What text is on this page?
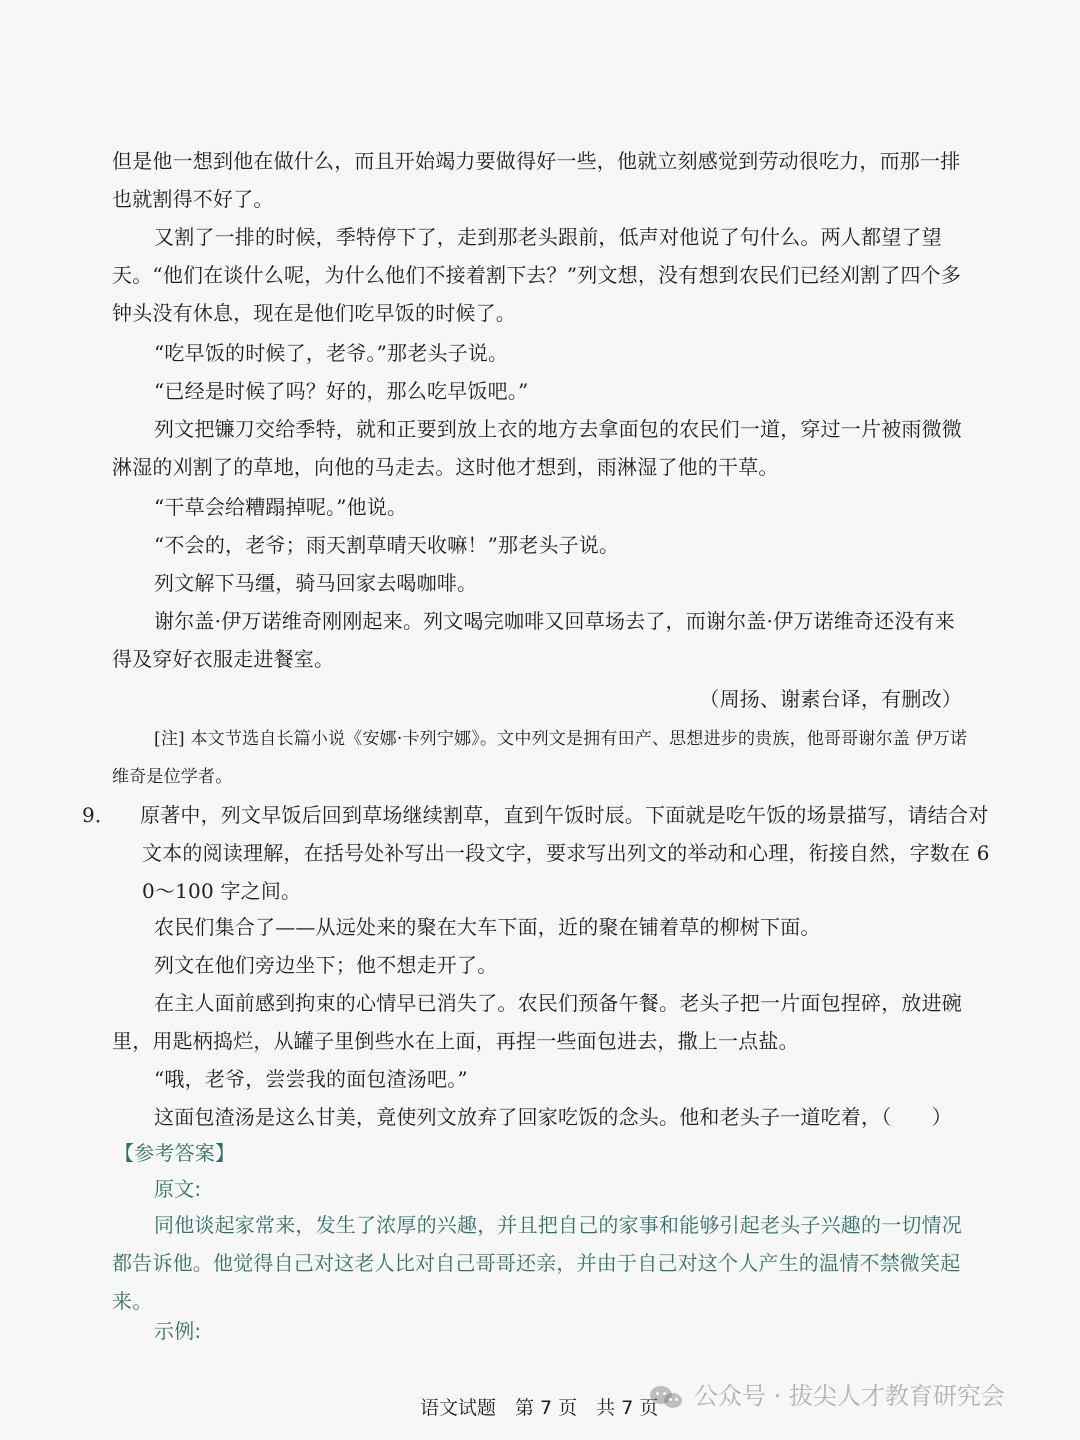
但是他一想到他在做什么，而且开始竭力要做得好一些，他就立刻感觉到劳动很吃力，而那一排也就割得不好了。

又割了一排的时候，季特停下了，走到那老头跟前，低声对他说了句什么。两人都望了望天。“他们在谈什么呢，为什么他们不接着割下去？”列文想，没有想到农民们已经刈割了四个多钟头没有休息，现在是他们吃早饭的时候了。

“吃早饭的时候了，老爷。”那老头子说。

“已经是时候了吗？好的，那么吃早饭吧。”

列文把镰刀交给季特，就和正要到放上衣的地方去拿面包的农民们一道，穿过一片被雨微微淋湿的刈割了的草地，向他的马走去。这时他才想到，雨淋湿了他的干草。

“干草会给糟蹋掉呢。”他说。

“不会的，老爷；雨天割草晴天收嘛！”那老头子说。

列文解下马缰，骑马回家去喝咖啡。

谢尔盖·伊万诺维奇刚刚起来。列文喝完咖啡又回草场去了，而谢尔盖·伊万诺维奇还没有来得及穿好衣服走进餐室。

（周扬、谢素台译，有删改）

[注] 本文节选自长篇小说《安娜·卡列宁娜》。文中列文是拥有田产、思想进步的贵族，他哥哥谢尔盖 伊万诺维奇是位学者。

9． 原著中，列文早饭后回到草场继续割草，直到午饭时辰。下面就是吃午饭的场景描写，请结合对文本的阅读理解，在括号处补写出一段文字，要求写出列文的举动和心理，衔接自然，字数在 60～100 字之间。

农民们集合了——从远处来的聚在大车下面，近的聚在铺着草的柳树下面。

列文在他们旁边坐下；他不想走开了。

在主人面前感到拘束的心情早已消失了。农民们预备午餐。老头子把一片面包捏碎，放进碗里，用匙柄捣烂，从罐子里倒些水在上面，再捏一些面包进去，撒上一点盐。

“哦，老爷，尝尝我的面包渣汤吧。”

这面包渣汤是这么甘美，竟使列文放弃了回家吃饭的念头。他和老头子一道吃着，（　　）

【参考答案】

原文:

同他谈起家常来，发生了浓厚的兴趣，并且把自己的家事和能够引起老头子兴趣的一切情况都告诉他。他觉得自己对这老人比对自己哥哥还亲，并由于自己对这个人产生的温情不禁微笑起来。

示例:

语文试题　第 7 页　共 7 页 公众号 · 拔尖人才教育研究会
